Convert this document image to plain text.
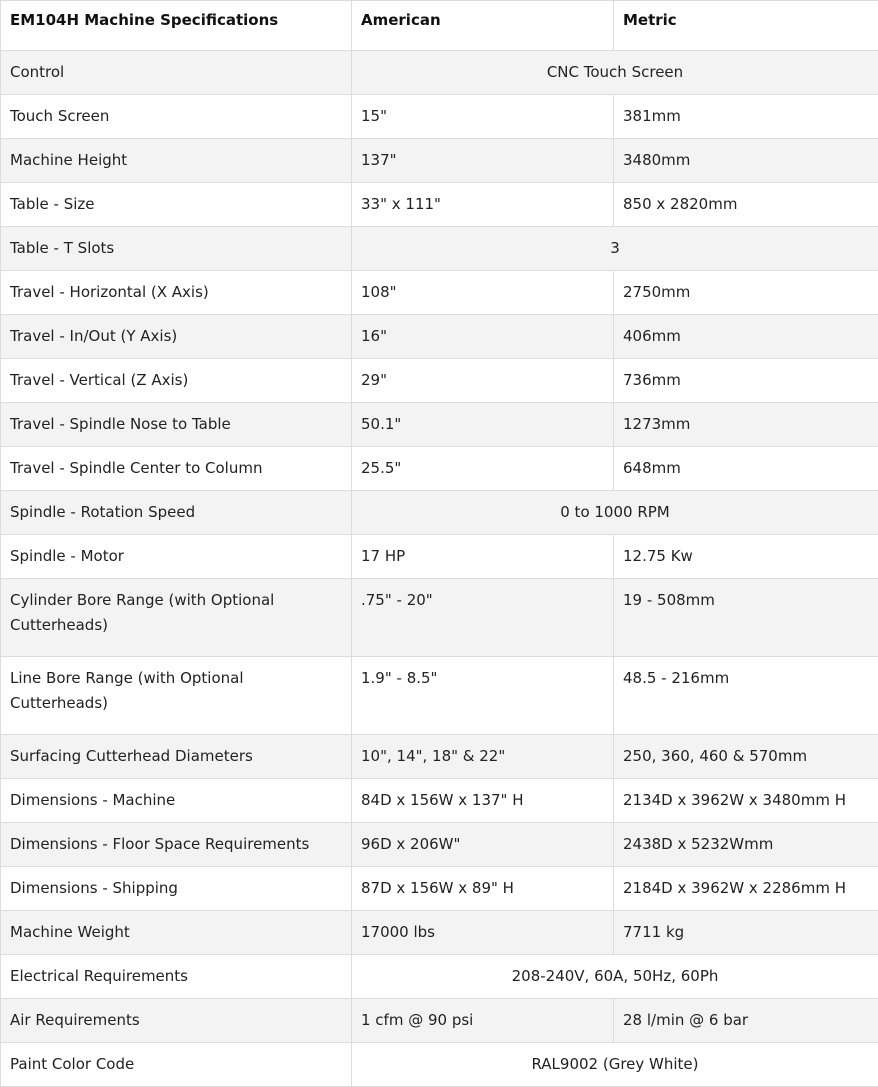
EM104H Machine Specifications	American	Metric
Control	CNC Touch Screen	
Touch Screen	15"	381mm
Machine Height	137"	3480mm
Table - Size	33" x 111"	850 x 2820mm
Table - T Slots	3	
Travel - Horizontal (X Axis)	108"	2750mm
Travel - In/Out (Y Axis)	16"	406mm
Travel - Vertical (Z Axis)	29"	736mm
Travel - Spindle Nose to Table	50.1"	1273mm
Travel - Spindle Center to Column	25.5"	648mm
Spindle - Rotation Speed	0 to 1000 RPM	
Spindle - Motor	17 HP	12.75 Kw
Cylinder Bore Range (with Optional Cutterheads)	.75" - 20"	19 - 508mm
Line Bore Range (with Optional Cutterheads)	1.9" - 8.5"	48.5 - 216mm
Surfacing Cutterhead Diameters	10", 14", 18" & 22"	250, 360, 460 & 570mm
Dimensions - Machine	84D x 156W x 137" H	2134D x 3962W x 3480mm H
Dimensions - Floor Space Requirements	96D x 206W"	2438D x 5232Wmm
Dimensions - Shipping	87D x 156W x 89" H	2184D x 3962W x 2286mm H
Machine Weight	17000 lbs	7711 kg
Electrical Requirements	208-240V, 60A, 50Hz, 60Ph	
Air Requirements	1 cfm @ 90 psi	28 l/min @ 6 bar
Paint Color Code	RAL9002 (Grey White)	
